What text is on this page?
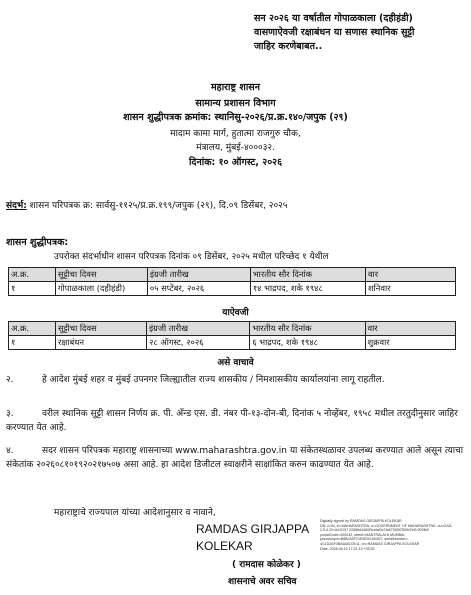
सन २०२६ या वर्षातील गोपाळकाला (दहीहंडी)
वासणाऐवजी रक्षाबंधन या सणास स्थानिक सुट्टी
जाहिर करणेबाबत..
महाराष्ट्र शासन
सामान्य प्रशासन विभाग
शासन शुद्धीपत्रक क्रमांक: स्थानिसु-२०२६/प्र.क्र.१४०/जपुक (२९)
मादाम कामा मार्ग, हुतात्मा राजगुरु चौक,
मंत्रालय, मुंबई-४०००३२.
दिनांक: १० ऑगस्ट, २०२६
संदर्भ: शासन परिपत्रक क्र: सार्वसु-११२५/प्र.क्र.१९९/जपुक (२९), दि.०९ डिसेंबर, २०२५
शासन शुद्धीपत्रक:
उपरोक्त संदर्भाधीन शासन परिपत्रक दिनांक ०९ डिसेंबर, २०२५ मधील परिच्छेद १ येथील
अ.क्र.	सुट्टीचा दिवस	इंग्रजी तारीख	भारतीय सौर दिनांक	वार
१	गोपाळकाला (दहीहंडी)	०५ सप्टेंबर, २०२६	१४ भाद्रपद, शके १९४८	शनिवार
याऐवजी
अ.क्र.	सुट्टीचा दिवस	इंग्रजी तारीख	भारतीय सौर दिनांक	वार
१	रक्षाबंधन	२८ ऑगस्ट, २०२६	६ भाद्रपद, शके १९४८	शुक्रवार
असे वाचावे
२.	हे आदेश मुंबई शहर व मुंबई उपनगर जिल्ह्यातील राज्य शासकीय / निमशासकीय कार्यालयांना लागू राहतील.
३.	वरील स्थानिक सुट्टी शासन निर्णय क्र. पी. अँन्ड एस. डी. नंबर पी-१३-दोन-बी, दिनांक ५ नोव्हेंबर, १९५८ मधील तरतुदीनुसार जाहिर करण्यात येत आहे.
४.	सदर शासन परिपत्रक महाराष्ट्र शासनाच्या www.maharashtra.gov.in या संकेतस्थळावर उपलब्ध करण्यात आले असून त्याचा संकेतांक २०२६०८१०१९२०२१७५०७ असा आहे. हा आदेश डिजीटल स्वाक्षरीने साक्षांकित करुन काढण्यात येत आहे.
महाराष्ट्राचे राज्यपाल यांच्या आदेशानुसार व नावाने,
RAMDAS GIRJAPPA
KOLEKAR
Digitally signed by RAMDAS GIRJAPPA KOLEKAR
DN: c=IN, st=MAHARASHTRA, o=GOVERNMENT OF MAHARASHTRA, ou=GAD,
2.5.4.20=6d1f157 02886d4460f3cbfaf3c7fa57289f7f5f3d7ef3 902ffdf
postalCode=400032, street=MANTRALAYA MUMBAI,
pseudonym=B8B2A0F21E6E0C9A4D7, serialNumber=
4C1D2AF0BA6A0C0E11, cn=RAMDAS GIRJAPPA KOLEKAR
Date: 2026.08.10 17:21:13 +05'30'
( रामदास कोळेकर )
शासनाचे अवर सचिव
